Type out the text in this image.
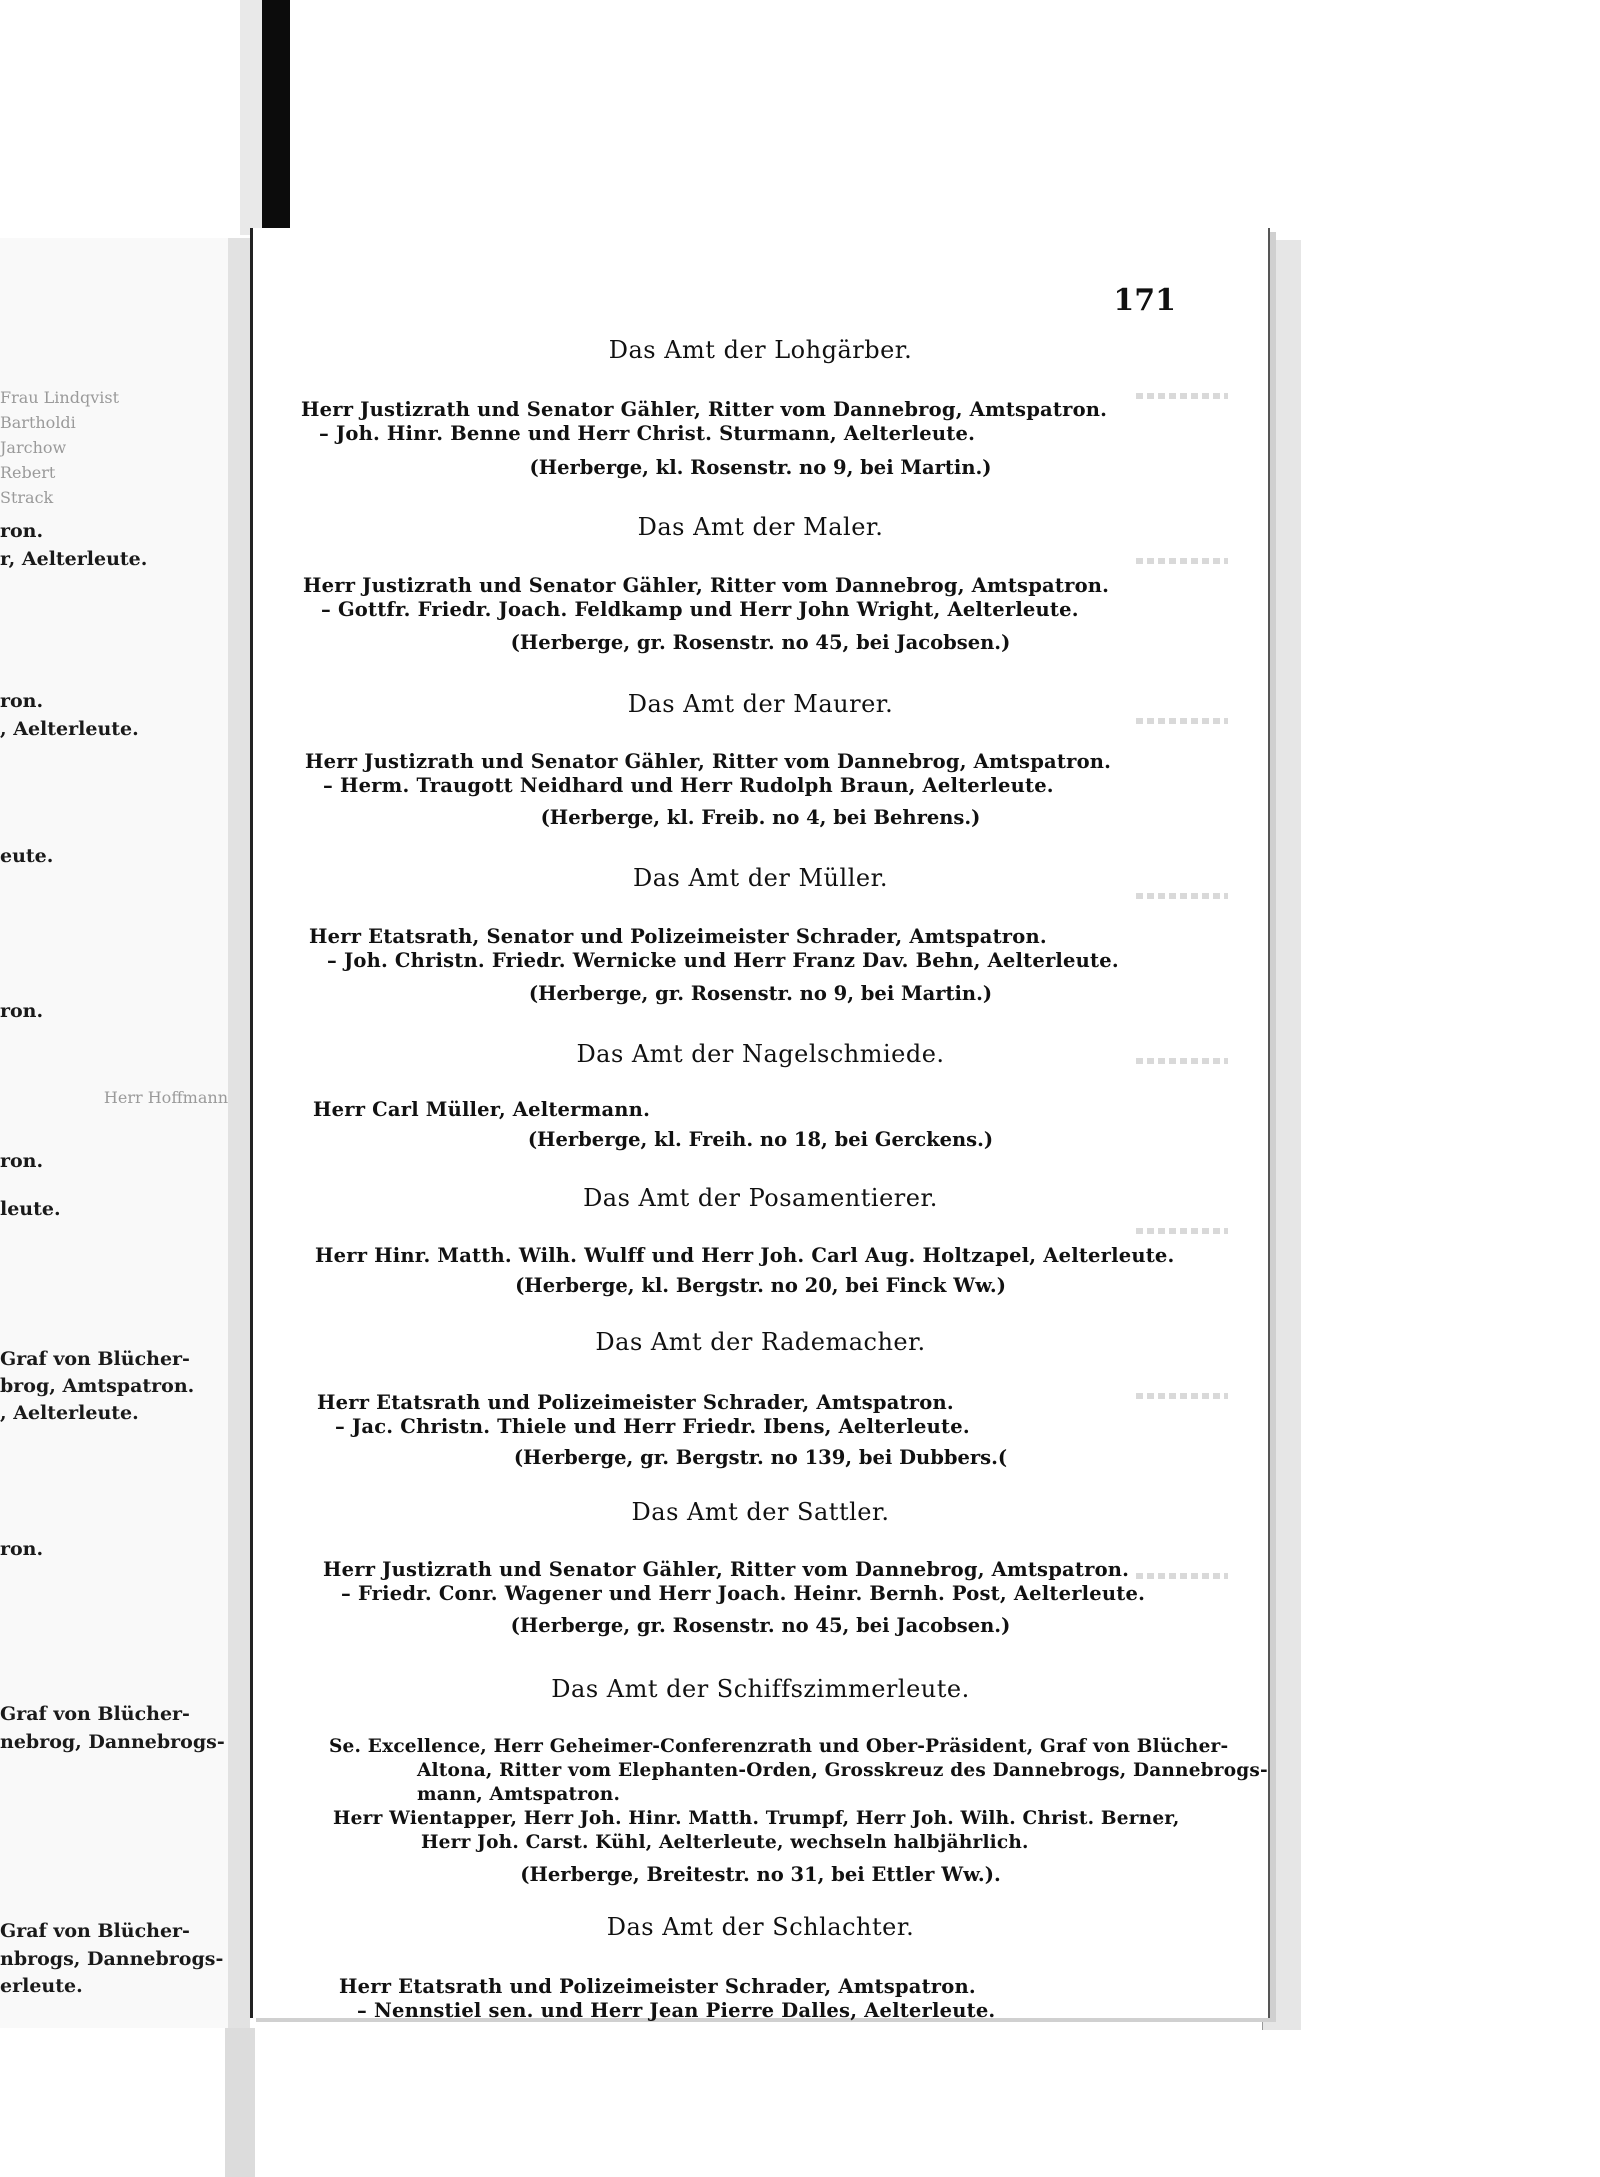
Frau Lindqvist
Bartholdi
Jarchow
Rebert
Strack
ron.
r, Aelterleute.
ron.
, Aelterleute.
eute.
ron.
Herr Hoffmann
ron.
leute.
Graf von Blücher-
brog, Amtspatron.
, Aelterleute.
ron.
Graf von Blücher-
nebrog, Dannebrogs-
Graf von Blücher-
nbrogs, Dannebrogs-
erleute.
171
Das Amt der Lohgärber.
Herr Justizrath und Senator Gähler, Ritter vom Dannebrog, Amtspatron.
– Joh. Hinr. Benne und Herr Christ. Sturmann, Aelterleute.
(Herberge, kl. Rosenstr. no 9, bei Martin.)
Das Amt der Maler.
Herr Justizrath und Senator Gähler, Ritter vom Dannebrog, Amtspatron.
– Gottfr. Friedr. Joach. Feldkamp und Herr John Wright, Aelterleute.
(Herberge, gr. Rosenstr. no 45, bei Jacobsen.)
Das Amt der Maurer.
Herr Justizrath und Senator Gähler, Ritter vom Dannebrog, Amtspatron.
– Herm. Traugott Neidhard und Herr Rudolph Braun, Aelterleute.
(Herberge, kl. Freib. no 4, bei Behrens.)
Das Amt der Müller.
Herr Etatsrath, Senator und Polizeimeister Schrader, Amtspatron.
– Joh. Christn. Friedr. Wernicke und Herr Franz Dav. Behn, Aelterleute.
(Herberge, gr. Rosenstr. no 9, bei Martin.)
Das Amt der Nagelschmiede.
Herr Carl Müller, Aeltermann.
(Herberge, kl. Freih. no 18, bei Gerckens.)
Das Amt der Posamentierer.
Herr Hinr. Matth. Wilh. Wulff und Herr Joh. Carl Aug. Holtzapel, Aelterleute.
(Herberge, kl. Bergstr. no 20, bei Finck Ww.)
Das Amt der Rademacher.
Herr Etatsrath und Polizeimeister Schrader, Amtspatron.
– Jac. Christn. Thiele und Herr Friedr. Ibens, Aelterleute.
(Herberge, gr. Bergstr. no 139, bei Dubbers.(
Das Amt der Sattler.
Herr Justizrath und Senator Gähler, Ritter vom Dannebrog, Amtspatron.
– Friedr. Conr. Wagener und Herr Joach. Heinr. Bernh. Post, Aelterleute.
(Herberge, gr. Rosenstr. no 45, bei Jacobsen.)
Das Amt der Schiffszimmerleute.
Se. Excellence, Herr Geheimer-Conferenzrath und Ober-Präsident, Graf von Blücher-
Altona, Ritter vom Elephanten-Orden, Grosskreuz des Dannebrogs, Dannebrogs-
mann, Amtspatron.
Herr Wientapper, Herr Joh. Hinr. Matth. Trumpf, Herr Joh. Wilh. Christ. Berner,
Herr Joh. Carst. Kühl, Aelterleute, wechseln halbjährlich.
(Herberge, Breitestr. no 31, bei Ettler Ww.).
Das Amt der Schlachter.
Herr Etatsrath und Polizeimeister Schrader, Amtspatron.
– Nennstiel sen. und Herr Jean Pierre Dalles, Aelterleute.
